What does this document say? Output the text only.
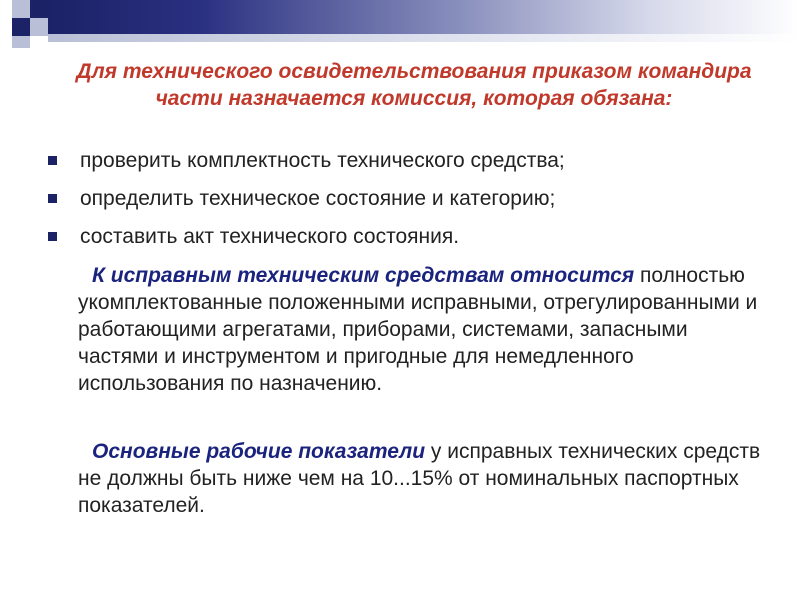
Для технического освидетельствования приказом командира части назначается комиссия, которая обязана:
проверить комплектность технического средства;
определить техническое состояние и категорию;
составить акт технического состояния.
К исправным техническим средствам относится полностью укомплектованные положенными исправными, отрегулированными и работающими агрегатами, приборами, системами, запасными частями и инструментом и пригодные для немедленного использования по назначению.
Основные рабочие показатели у исправных технических средств не должны быть ниже чем на 10...15% от номинальных паспортных показателей.
